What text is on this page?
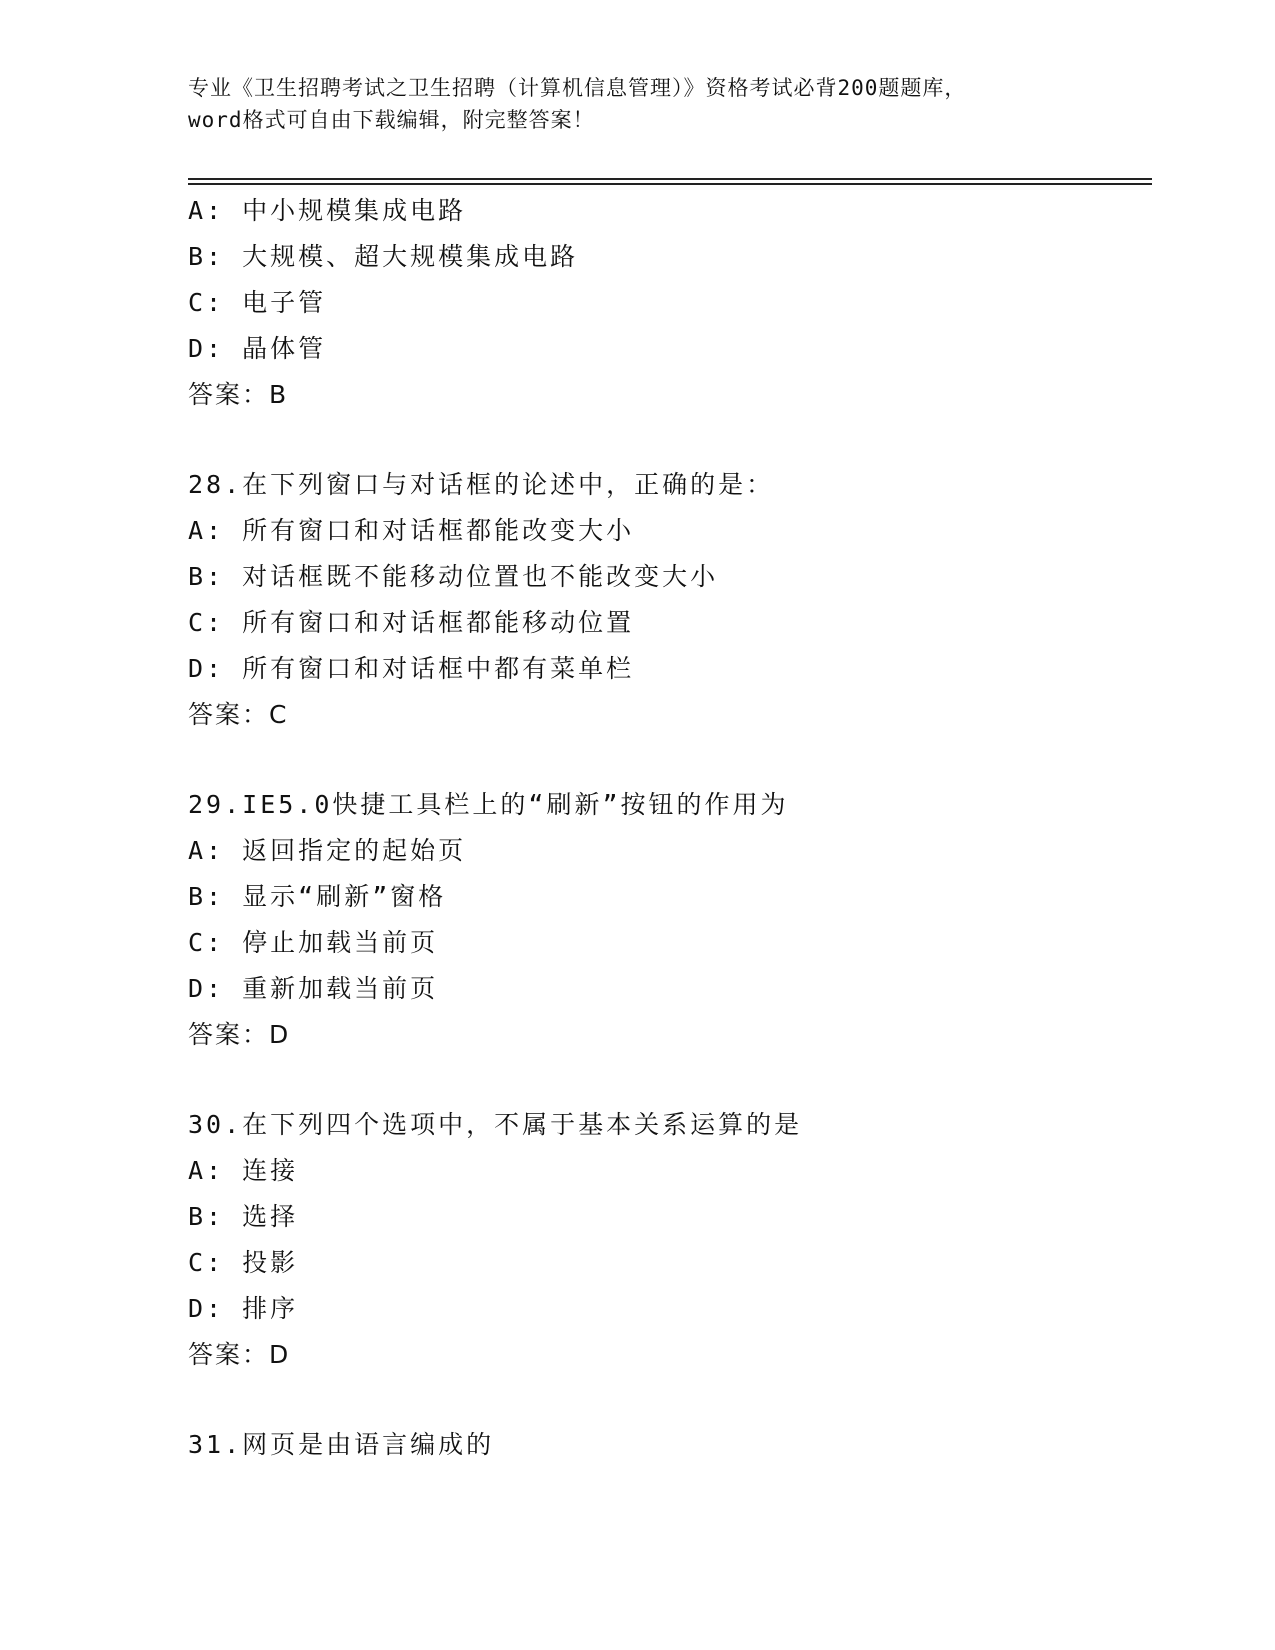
专业《卫生招聘考试之卫生招聘（计算机信息管理）》资格考试必背200题题库，
word格式可自由下载编辑，附完整答案！
A: 中小规模集成电路
B: 大规模、超大规模集成电路
C: 电子管
D: 晶体管
答案：B
28.在下列窗口与对话框的论述中，正确的是：
A: 所有窗口和对话框都能改变大小
B: 对话框既不能移动位置也不能改变大小
C: 所有窗口和对话框都能移动位置
D: 所有窗口和对话框中都有菜单栏
答案：C
29.IE5.0快捷工具栏上的“刷新”按钮的作用为
A: 返回指定的起始页
B: 显示“刷新”窗格
C: 停止加载当前页
D: 重新加载当前页
答案：D
30.在下列四个选项中，不属于基本关系运算的是
A: 连接
B: 选择
C: 投影
D: 排序
答案：D
31.网页是由语言编成的
